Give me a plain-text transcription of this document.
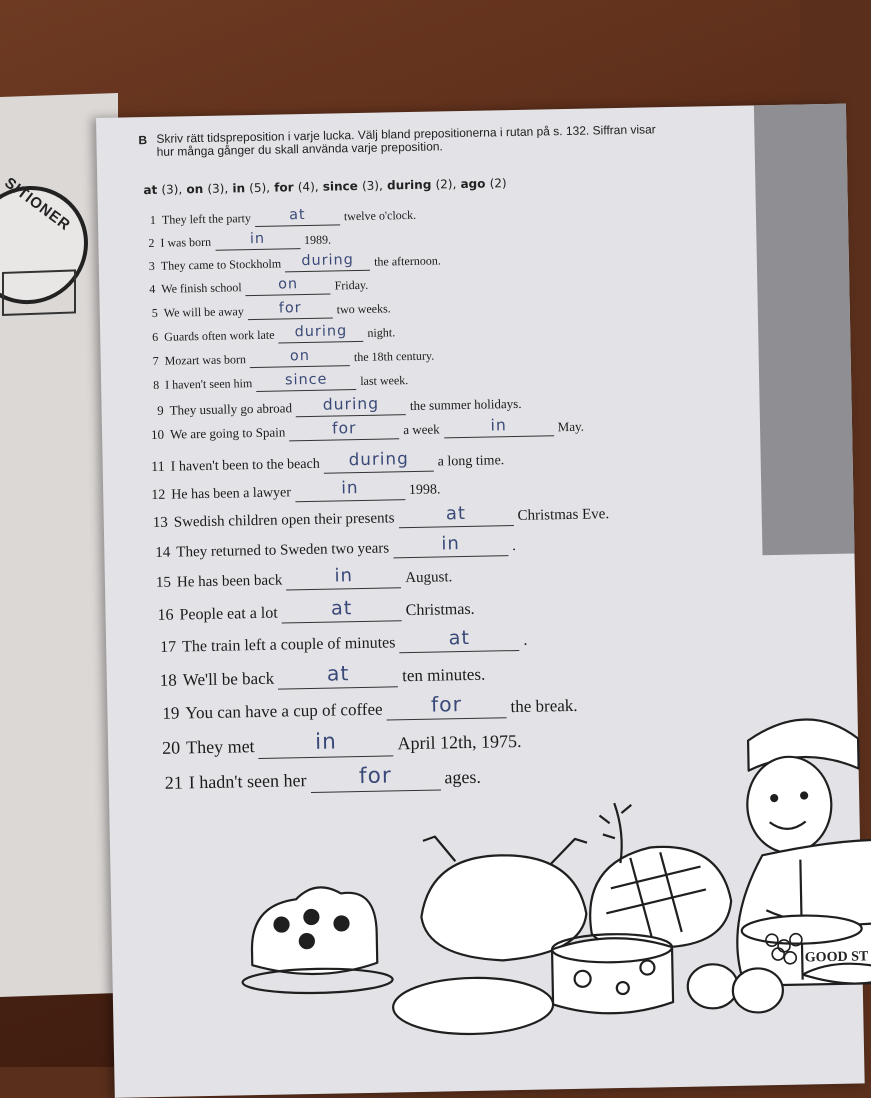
SITIONER
B Skriv rätt tidspreposition i varje lucka. Välj bland prepositionerna i rutan på s. 132. Siffran visar hur många gånger du skall använda varje preposition.
at (3), on (3), in (5), for (4), since (3), during (2), ago (2)
1 They left the party	at	twelve o'clock.
2 I was born	in	1989.
3 They came to Stockholm during the afternoon.
4 We finish school	on	Friday.
5 We will be away for	two weeks.
6 Guards often work late during night.
7 Mozart was born	on	the 18th century.
8 I haven't seen him since	last week.
9 They usually go abroad during the summer holidays.
10 We are going to Spain	for	a week	in	May.
11 I haven't been to the beach during a long time.
12 He has been a lawyer	in	1998.
13 Swedish children open their presents	at	Christmas Eve.
14 They returned to Sweden two years	in	.
15 He has been back	in	August.
16 People eat a lot	at	Christmas.
17 The train left a couple of minutes	at	.
18 We'll be back	at	ten minutes.
19 You can have a cup of coffee for	the break.
20 They met	in	April 12th, 1975.
21 I hadn't seen her for	ages.
GOOD ST
